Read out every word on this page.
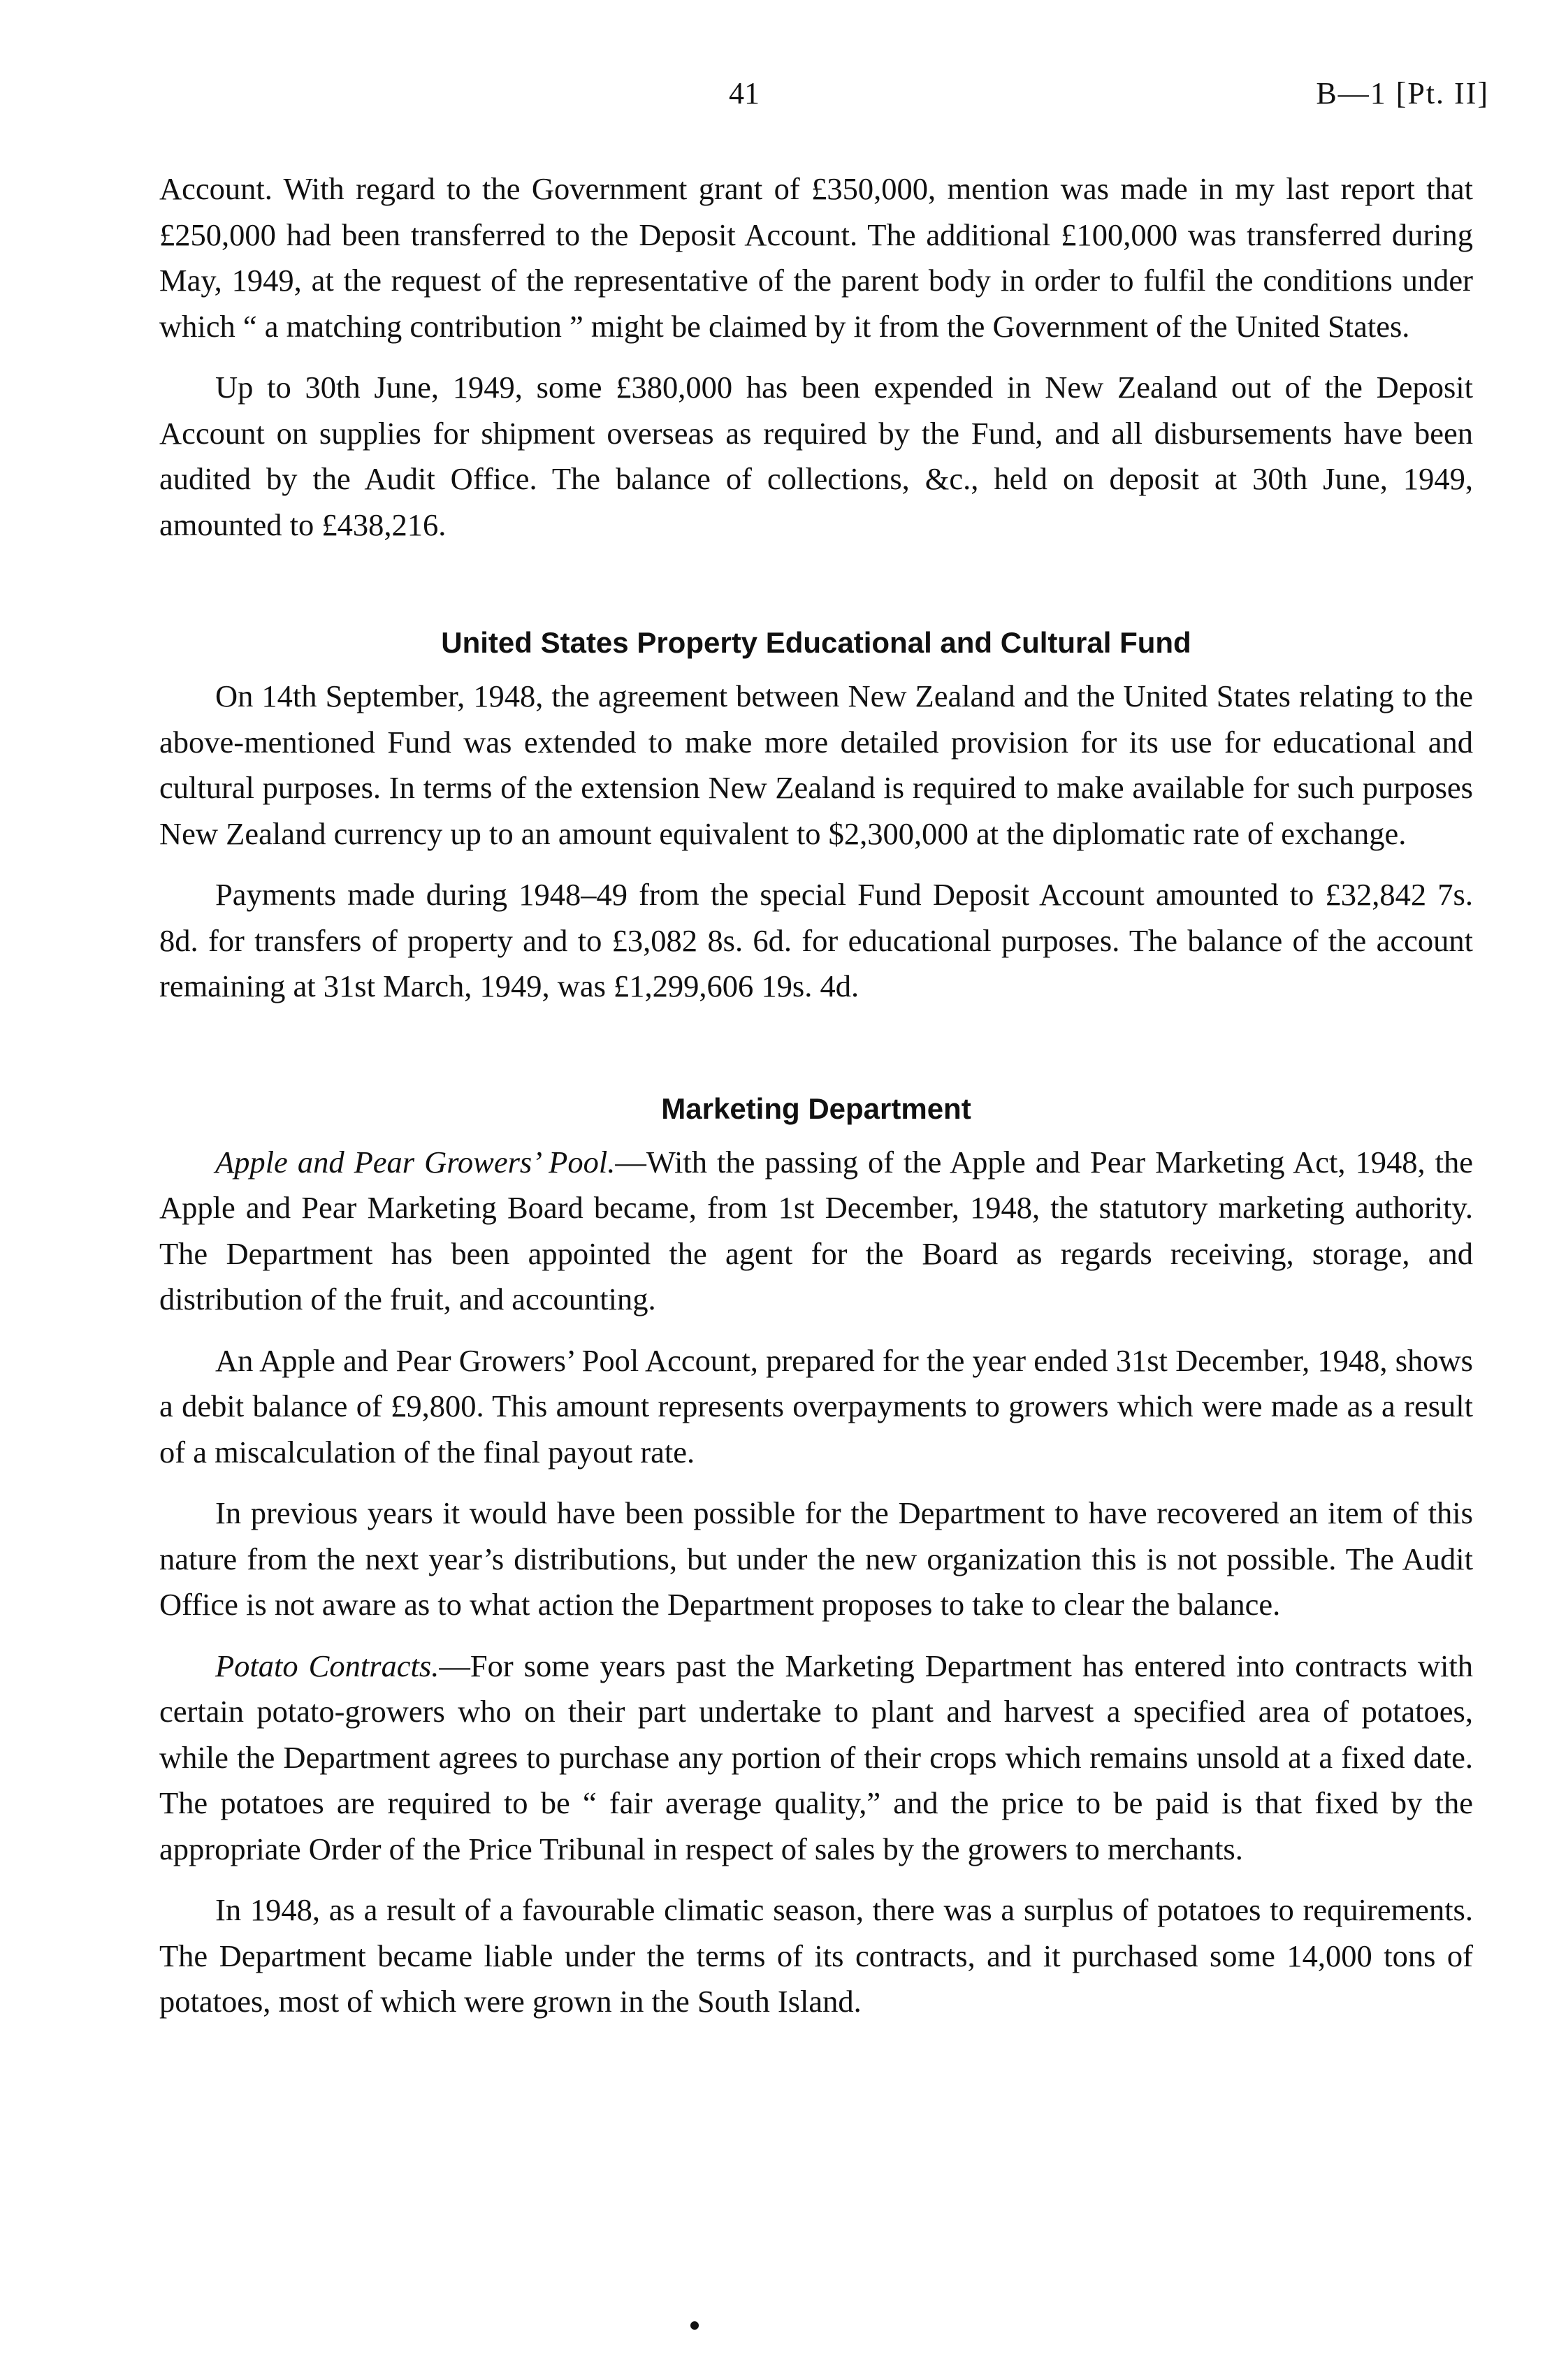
41	B—1 [Pt. II]

Account. With regard to the Government grant of £350,000, mention was made in my last report that £250,000 had been transferred to the Deposit Account. The additional £100,000 was transferred during May, 1949, at the request of the representative of the parent body in order to fulfil the conditions under which “ a matching contribution ” might be claimed by it from the Government of the United States.

Up to 30th June, 1949, some £380,000 has been expended in New Zealand out of the Deposit Account on supplies for shipment overseas as required by the Fund, and all disbursements have been audited by the Audit Office. The balance of collections, &c., held on deposit at 30th June, 1949, amounted to £438,216.

United States Property Educational and Cultural Fund

On 14th September, 1948, the agreement between New Zealand and the United States relating to the above-mentioned Fund was extended to make more detailed provision for its use for educational and cultural purposes. In terms of the extension New Zealand is required to make available for such purposes New Zealand currency up to an amount equivalent to $2,300,000 at the diplomatic rate of exchange.

Payments made during 1948–49 from the special Fund Deposit Account amounted to £32,842 7s. 8d. for transfers of property and to £3,082 8s. 6d. for educational purposes. The balance of the account remaining at 31st March, 1949, was £1,299,606 19s. 4d.

Marketing Department

Apple and Pear Growers’ Pool.—With the passing of the Apple and Pear Marketing Act, 1948, the Apple and Pear Marketing Board became, from 1st December, 1948, the statutory marketing authority. The Department has been appointed the agent for the Board as regards receiving, storage, and distribution of the fruit, and accounting.

An Apple and Pear Growers’ Pool Account, prepared for the year ended 31st December, 1948, shows a debit balance of £9,800. This amount represents overpayments to growers which were made as a result of a miscalculation of the final payout rate.

In previous years it would have been possible for the Department to have recovered an item of this nature from the next year’s distributions, but under the new organization this is not possible. The Audit Office is not aware as to what action the Department proposes to take to clear the balance.

Potato Contracts.—For some years past the Marketing Department has entered into contracts with certain potato-growers who on their part undertake to plant and harvest a specified area of potatoes, while the Department agrees to purchase any portion of their crops which remains unsold at a fixed date. The potatoes are required to be “ fair average quality,” and the price to be paid is that fixed by the appropriate Order of the Price Tribunal in respect of sales by the growers to merchants.

In 1948, as a result of a favourable climatic season, there was a surplus of potatoes to requirements. The Department became liable under the terms of its contracts, and it purchased some 14,000 tons of potatoes, most of which were grown in the South Island.
